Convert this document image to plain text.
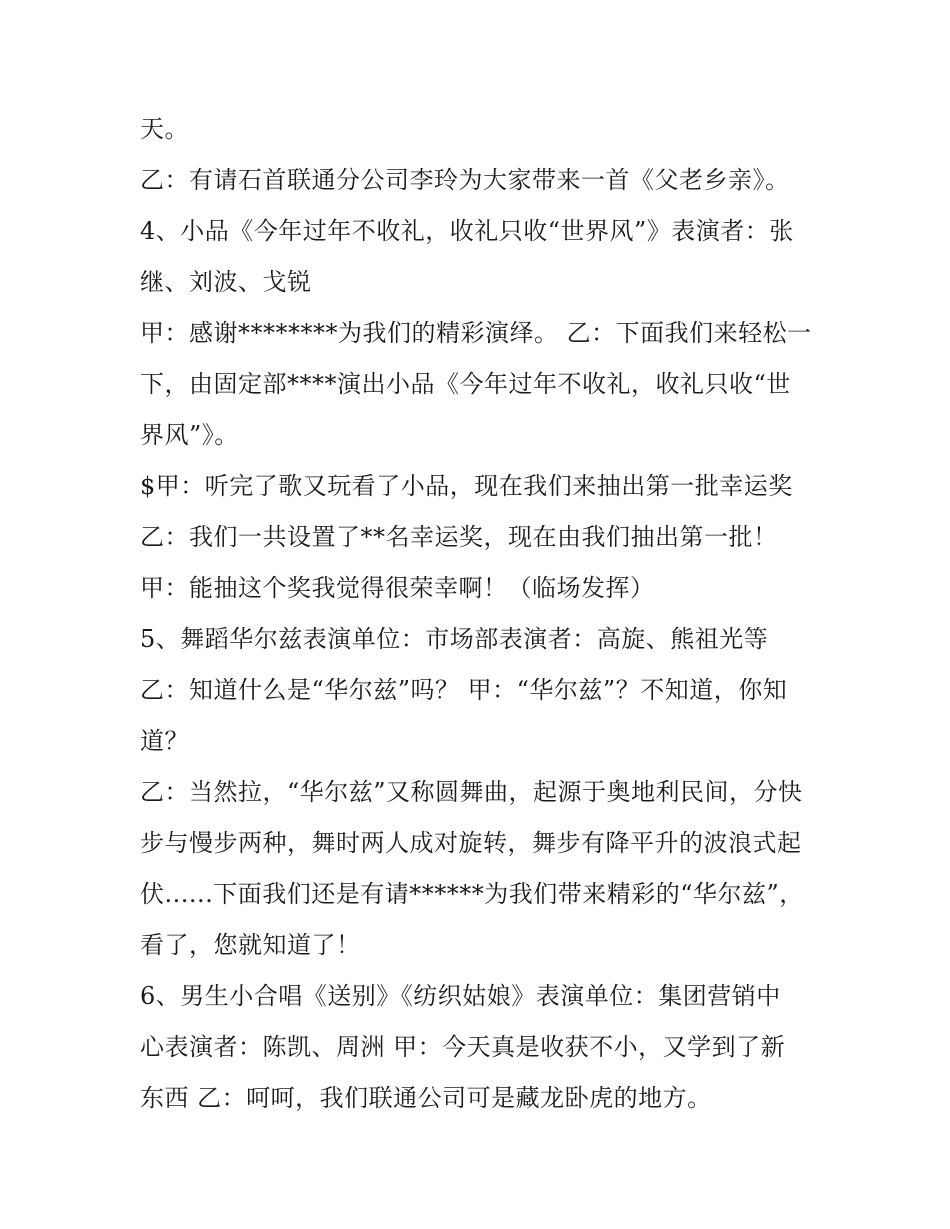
天。
乙：有请石首联通分公司李玲为大家带来一首《父老乡亲》。
4、小品《今年过年不收礼，收礼只收“世界风”》表演者：张
继、刘波、戈锐
甲：感谢********为我们的精彩演绎。 乙：下面我们来轻松一
下，由固定部****演出小品《今年过年不收礼，收礼只收“世
界风”》。
$甲：听完了歌又玩看了小品，现在我们来抽出第一批幸运奖
乙：我们一共设置了**名幸运奖，现在由我们抽出第一批！
甲：能抽这个奖我觉得很荣幸啊！（临场发挥）
5、舞蹈华尔兹表演单位：市场部表演者：高旋、熊祖光等
乙：知道什么是“华尔兹”吗？ 甲：“华尔兹”？不知道，你知
道？
乙：当然拉，“华尔兹”又称圆舞曲，起源于奥地利民间，分快
步与慢步两种，舞时两人成对旋转，舞步有降平升的波浪式起
伏......下面我们还是有请******为我们带来精彩的“华尔兹”，
看了，您就知道了！
6、男生小合唱《送别》《纺织姑娘》表演单位：集团营销中
心表演者：陈凯、周洲 甲：今天真是收获不小，又学到了新
东西 乙：呵呵，我们联通公司可是藏龙卧虎的地方。
